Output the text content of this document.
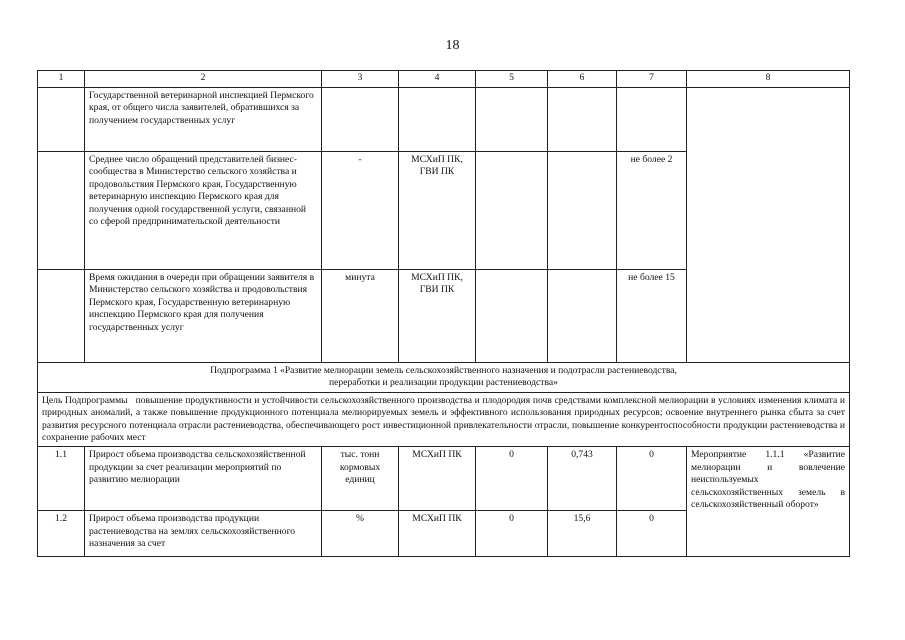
18
1	2	3	4	5	6	7	8
	Государственной ветеринарной инспекцией Пермского края, от общего числа заявителей, обратившихся за получением государственных услуг						
	Среднее число обращений представителей бизнес-сообщества в Министерство сельского хозяйства и продовольствия Пермского края, Государственную ветеринарную инспекцию Пермского края для получения одной государственной услуги, связанной со сферой предпринимательской деятельности	-	МСХиП ПК, ГВИ ПК			не более 2	
	Время ожидания в очереди при обращении заявителя в Министерство сельского хозяйства и продовольствия Пермского края, Государственную ветеринарную инспекцию Пермского края для получения государственных услуг	минута	МСХиП ПК, ГВИ ПК			не более 15	

Подпрограмма 1 «Развитие мелиорации земель сельскохозяйственного назначения и подотрасли растениеводства,
переработки и реализации продукции растениеводства»							

Цель Подпрограммы повышение продуктивности и устойчивости сельскохозяйственного производства и плодородия почв средствами комплексной мелиорации в условиях изменения климата и природных аномалий, а также повышение продукционного потенциала мелиорируемых земель и эффективного использования природных ресурсов; освоение внутреннего рынка сбыта за счет развития ресурсного потенциала отрасли растениеводства, обеспечивающего рост инвестиционной привлекательности отрасли, повышение конкурентоспособности продукции растениеводства и сохранение рабочих мест							
1.1	Прирост объема производства сельскохозяйственной продукции за счет реализации мероприятий по развитию мелиорации	тыс. тонн кормовых единиц	МСХиП ПК	0	0,743	0	Мероприятие 1.1.1 «Развитие мелиорации и вовлечение неиспользуемых сельскохозяйственных земель в сельскохозяйственный оборот»
1.2	Прирост объема производства продукции растениеводства на землях сельскохозяйственного назначения за счет	%	МСХиП ПК	0	15,6	0	
